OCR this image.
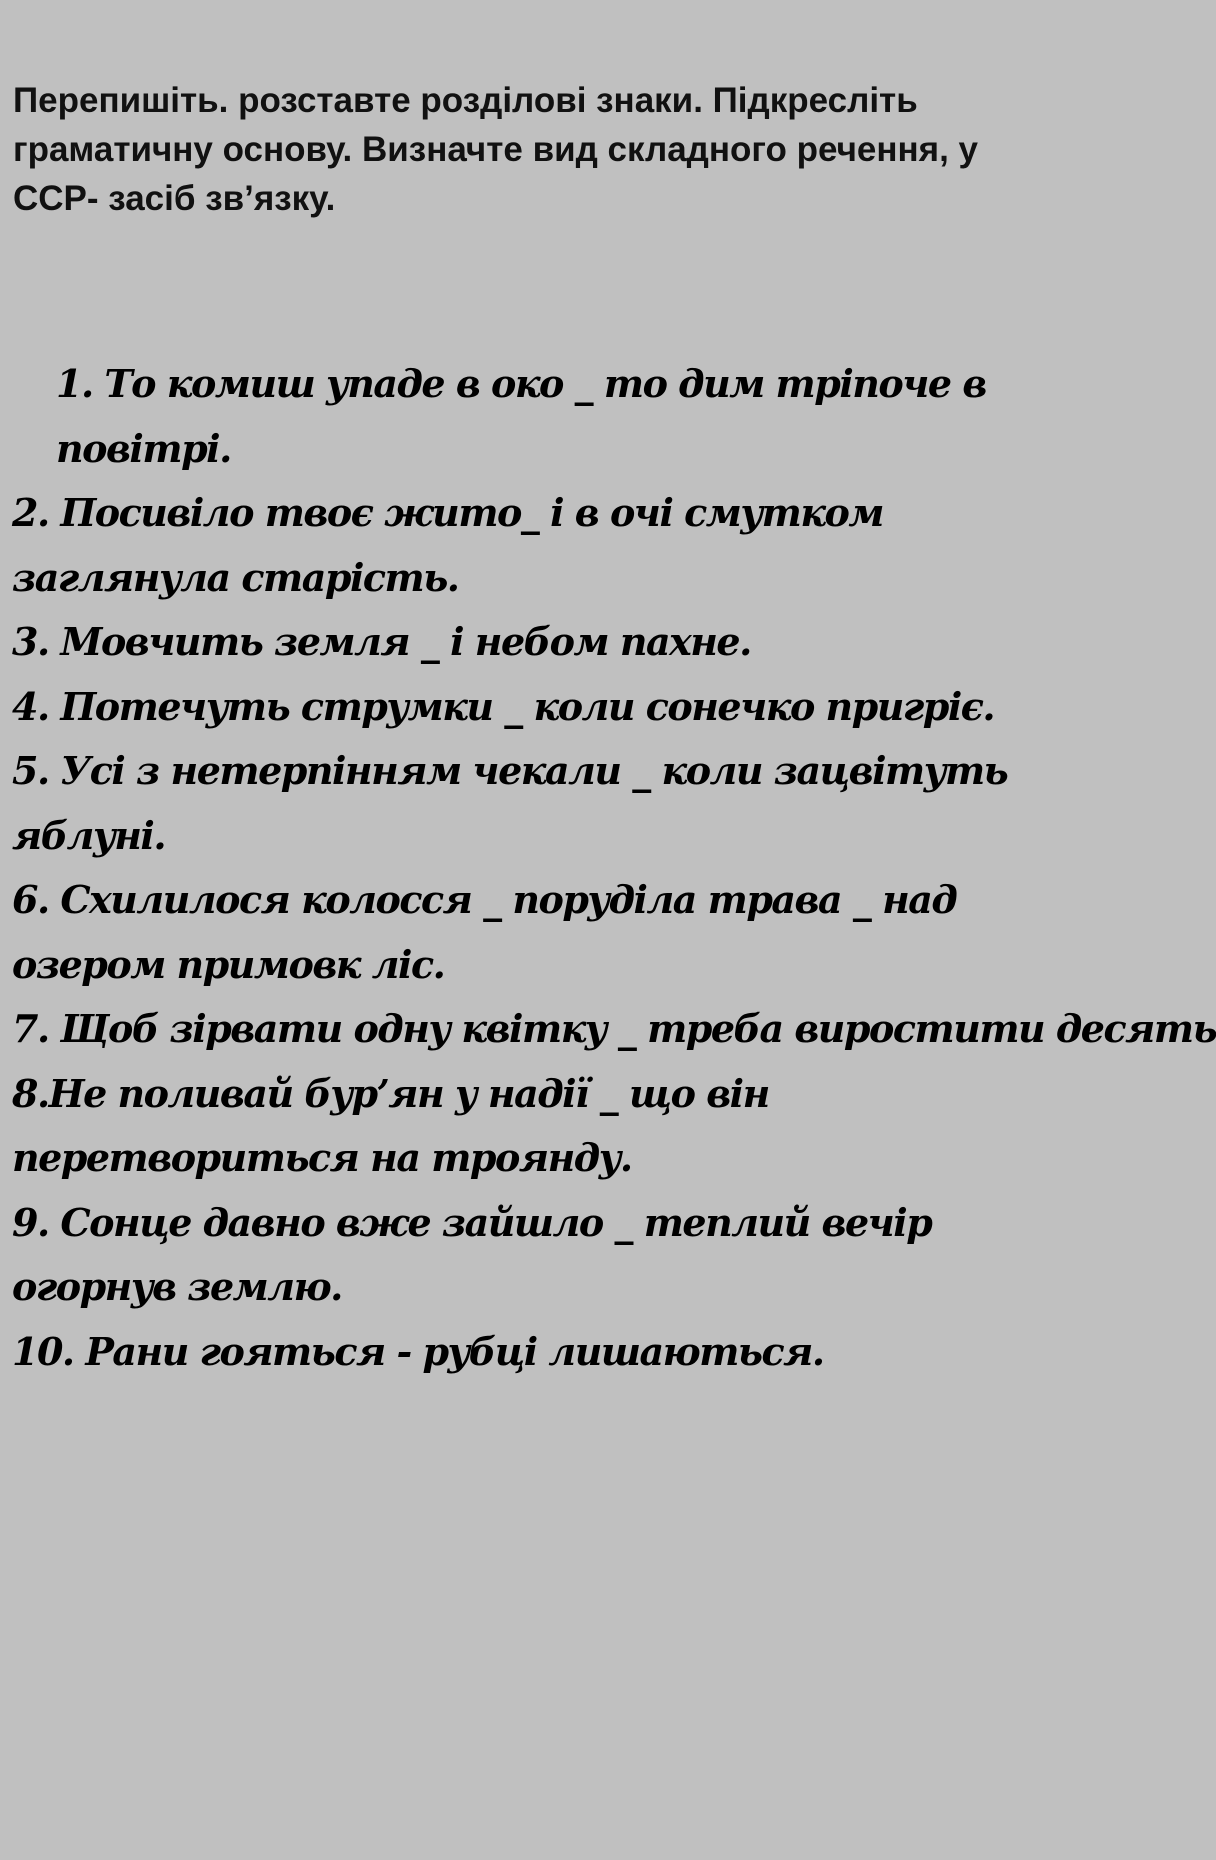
Перепишіть. розставте розділові знаки. Підкресліть граматичну основу. Визначте вид складного речення, у ССР- засіб зв’язку.

1. То комиш упаде в око _ то дим тріпоче в повітрі.
2. Посивіло твоє жито_ і в очі смутком заглянула старість.
3. Мовчить земля _ і небом пахне.
4. Потечуть струмки _ коли сонечко пригріє.
5. Усі з нетерпінням чекали _ коли зацвітуть яблуні.
6. Схилилося колосся _ поруділа трава _ над озером примовк ліс.
7. Щоб зірвати одну квітку _ треба виростити десять
8.Не поливай бур’ян у надії _ що він перетвориться на троянду.
9. Сонце давно вже зайшло _ теплий вечір огорнув землю.
10. Рани гояться - рубці лишаються.
